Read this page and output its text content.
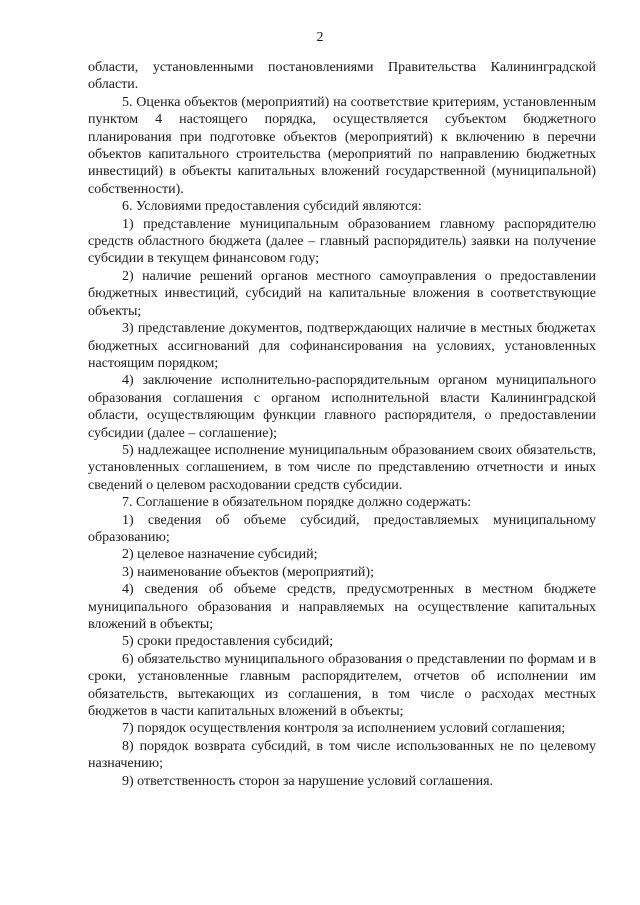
2

области, установленными постановлениями Правительства Калининградской области.

5. Оценка объектов (мероприятий) на соответствие критериям, установленным пунктом 4 настоящего порядка, осуществляется субъектом бюджетного планирования при подготовке объектов (мероприятий) к включению в перечни объектов капитального строительства (мероприятий по направлению бюджетных инвестиций) в объекты капитальных вложений государственной (муниципальной) собственности).

6. Условиями предоставления субсидий являются:

1) представление муниципальным образованием главному распорядителю средств областного бюджета (далее – главный распорядитель) заявки на получение субсидии в текущем финансовом году;

2) наличие решений органов местного самоуправления о предоставлении бюджетных инвестиций, субсидий на капитальные вложения в соответствующие объекты;

3) представление документов, подтверждающих наличие в местных бюджетах бюджетных ассигнований для софинансирования на условиях, установленных настоящим порядком;

4) заключение исполнительно-распорядительным органом муниципального образования соглашения с органом исполнительной власти Калининградской области, осуществляющим функции главного распорядителя, о предоставлении субсидии (далее – соглашение);

5) надлежащее исполнение муниципальным образованием своих обязательств, установленных соглашением, в том числе по представлению отчетности и иных сведений о целевом расходовании средств субсидии.

7. Соглашение в обязательном порядке должно содержать:

1) сведения об объеме субсидий, предоставляемых муниципальному образованию;

2) целевое назначение субсидий;

3) наименование объектов (мероприятий);

4) сведения об объеме средств, предусмотренных в местном бюджете муниципального образования и направляемых на осуществление капитальных вложений в объекты;

5) сроки предоставления субсидий;

6) обязательство муниципального образования о представлении по формам и в сроки, установленные главным распорядителем, отчетов об исполнении им обязательств, вытекающих из соглашения, в том числе о расходах местных бюджетов в части капитальных вложений в объекты;

7) порядок осуществления контроля за исполнением условий соглашения;

8) порядок возврата субсидий, в том числе использованных не по целевому назначению;

9) ответственность сторон за нарушение условий соглашения.
